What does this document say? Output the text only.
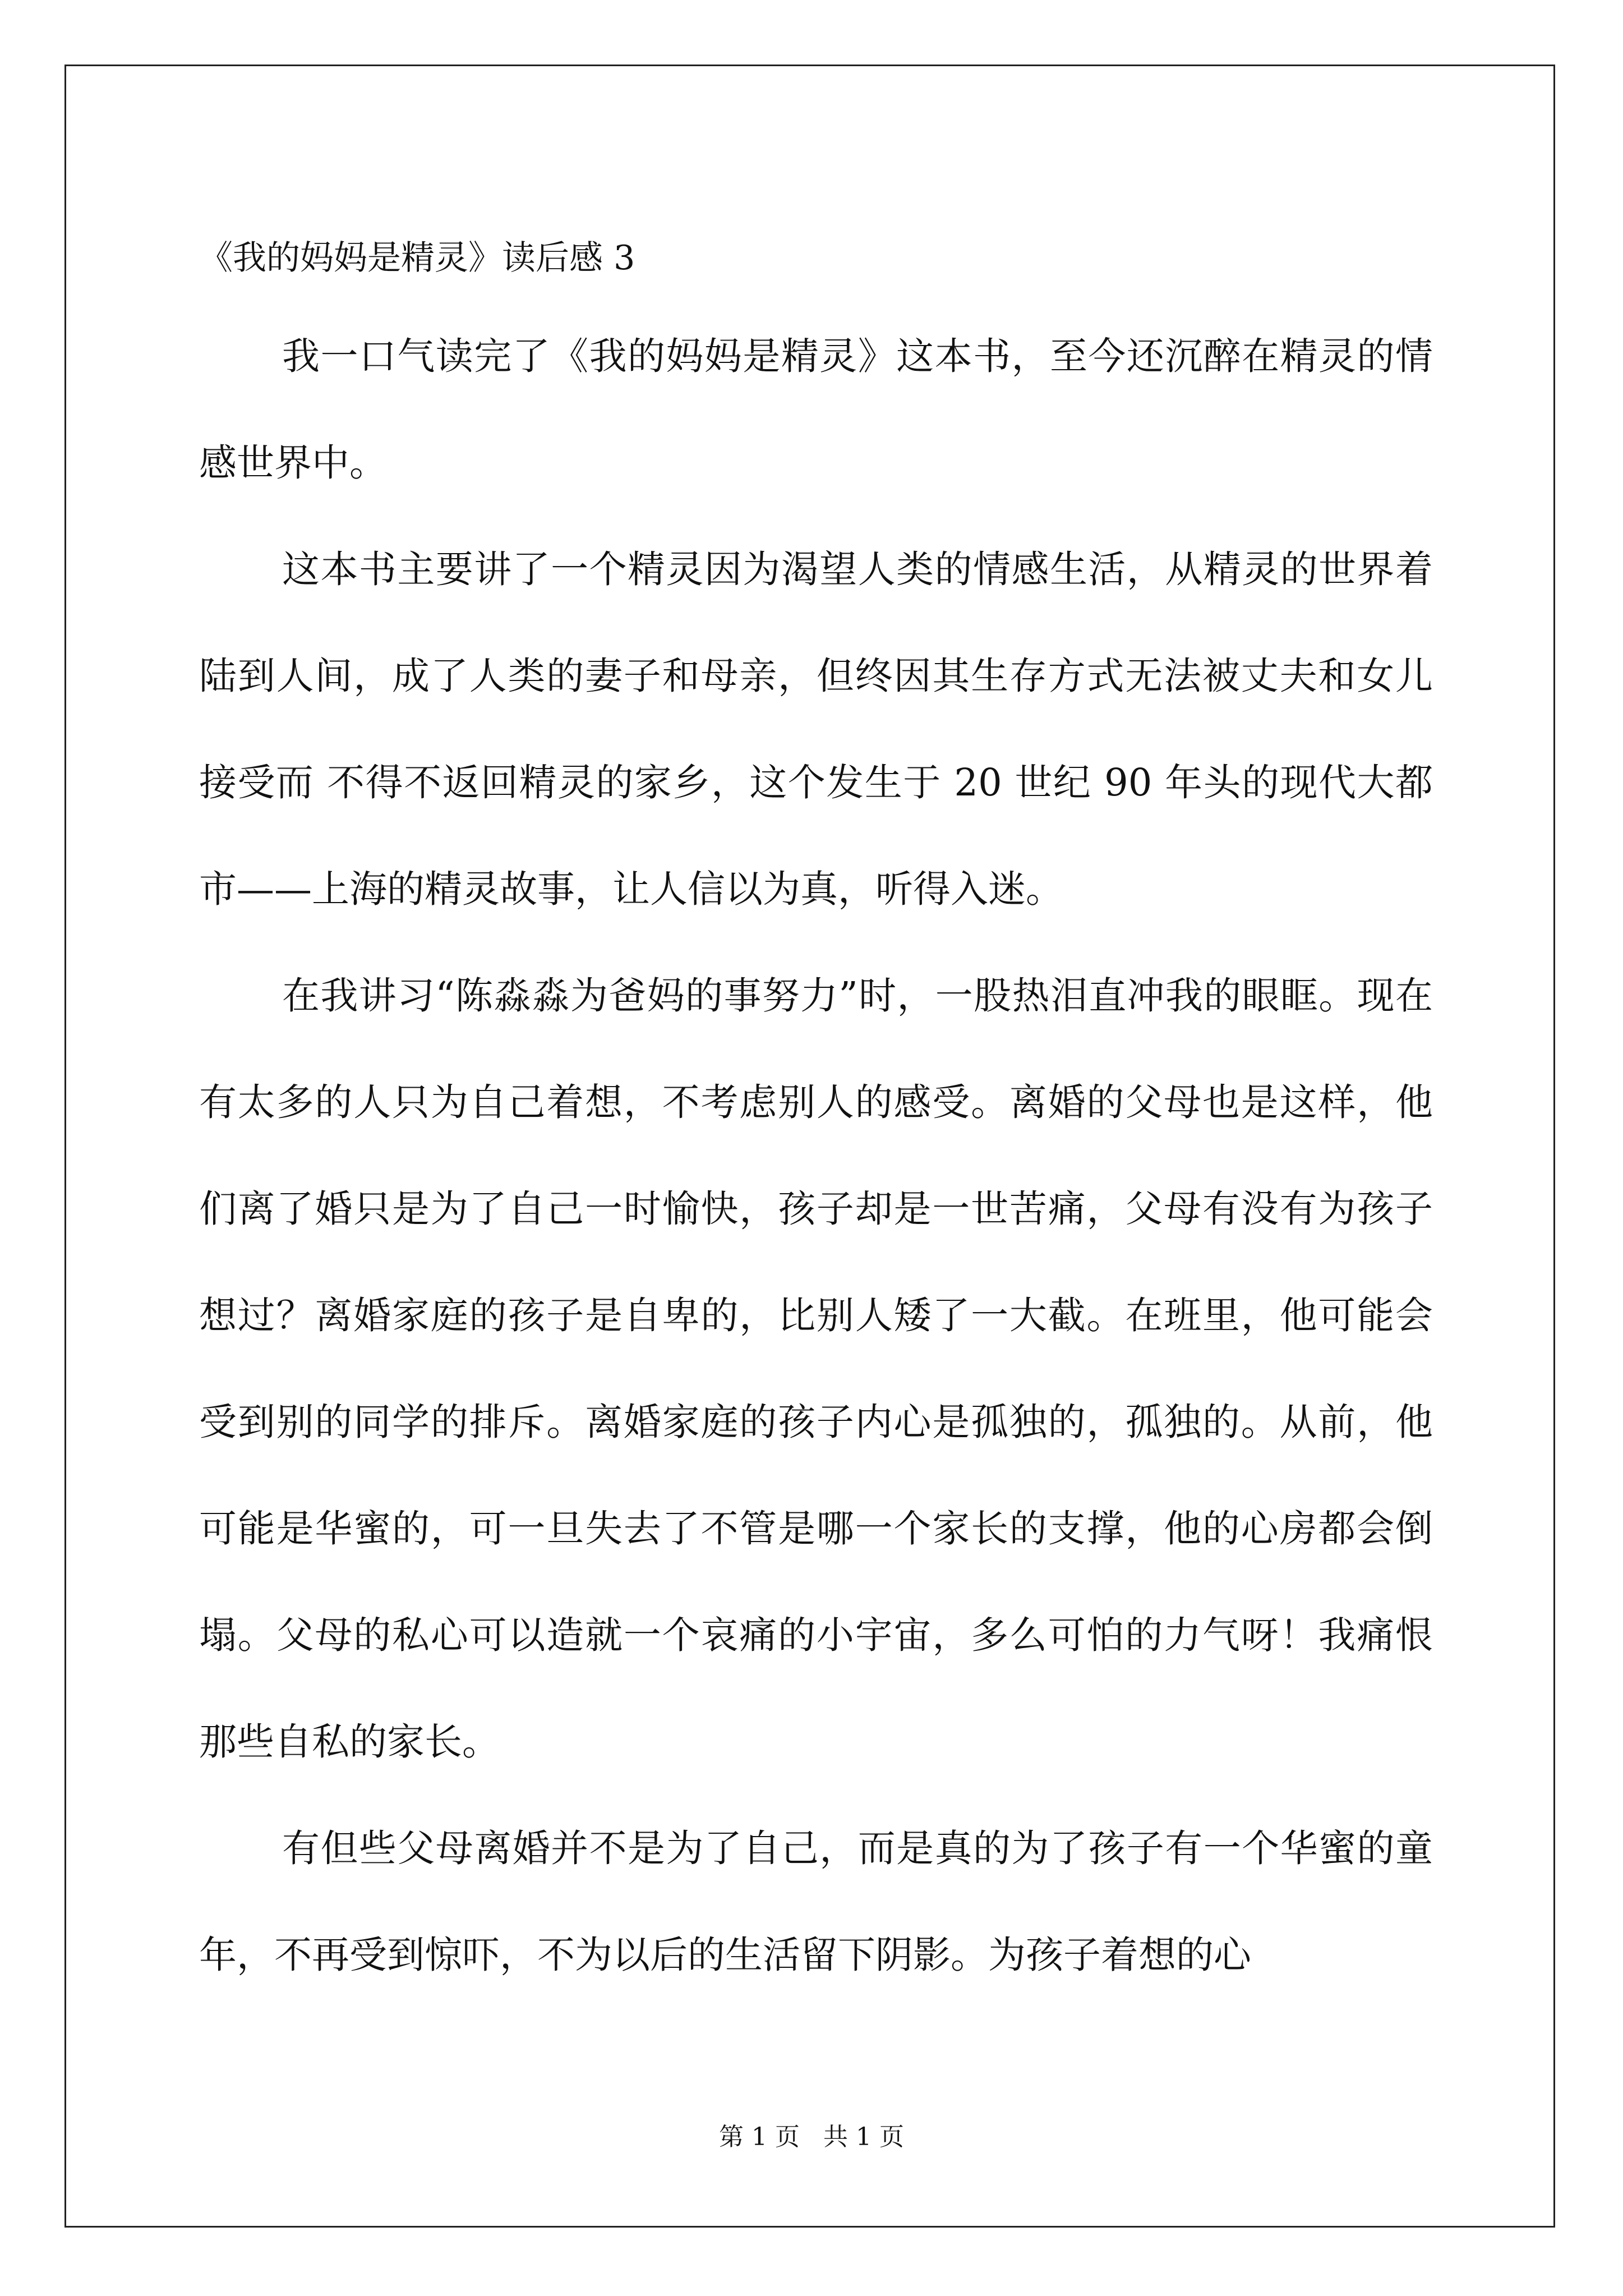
《我的妈妈是精灵》读后感 3

我一口气读完了《我的妈妈是精灵》这本书，至今还沉醉在精灵的情感世界中。

这本书主要讲了一个精灵因为渴望人类的情感生活，从精灵的世界着陆到人间，成了人类的妻子和母亲，但终因其生存方式无法被丈夫和女儿接受而 不得不返回精灵的家乡，这个发生于 20 世纪 90 年头的现代大都市——上海的精灵故事，让人信以为真，听得入迷。

在我讲习“陈淼淼为爸妈的事努力”时，一股热泪直冲我的眼眶。现在有太多的人只为自己着想，不考虑别人的感受。离婚的父母也是这样，他们离了婚只是为了自己一时愉快，孩子却是一世苦痛，父母有没有为孩子想过？离婚家庭的孩子是自卑的，比别人矮了一大截。在班里，他可能会受到别的同学的排斥。离婚家庭的孩子内心是孤独的，孤独的。从前，他可能是华蜜的，可一旦失去了不管是哪一个家长的支撑，他的心房都会倒塌。父母的私心可以造就一个哀痛的小宇宙，多么可怕的力气呀！我痛恨那些自私的家长。

有但些父母离婚并不是为了自己，而是真的为了孩子有一个华蜜的童年，不再受到惊吓，不为以后的生活留下阴影。为孩子着想的心

第 1 页   共 1 页
